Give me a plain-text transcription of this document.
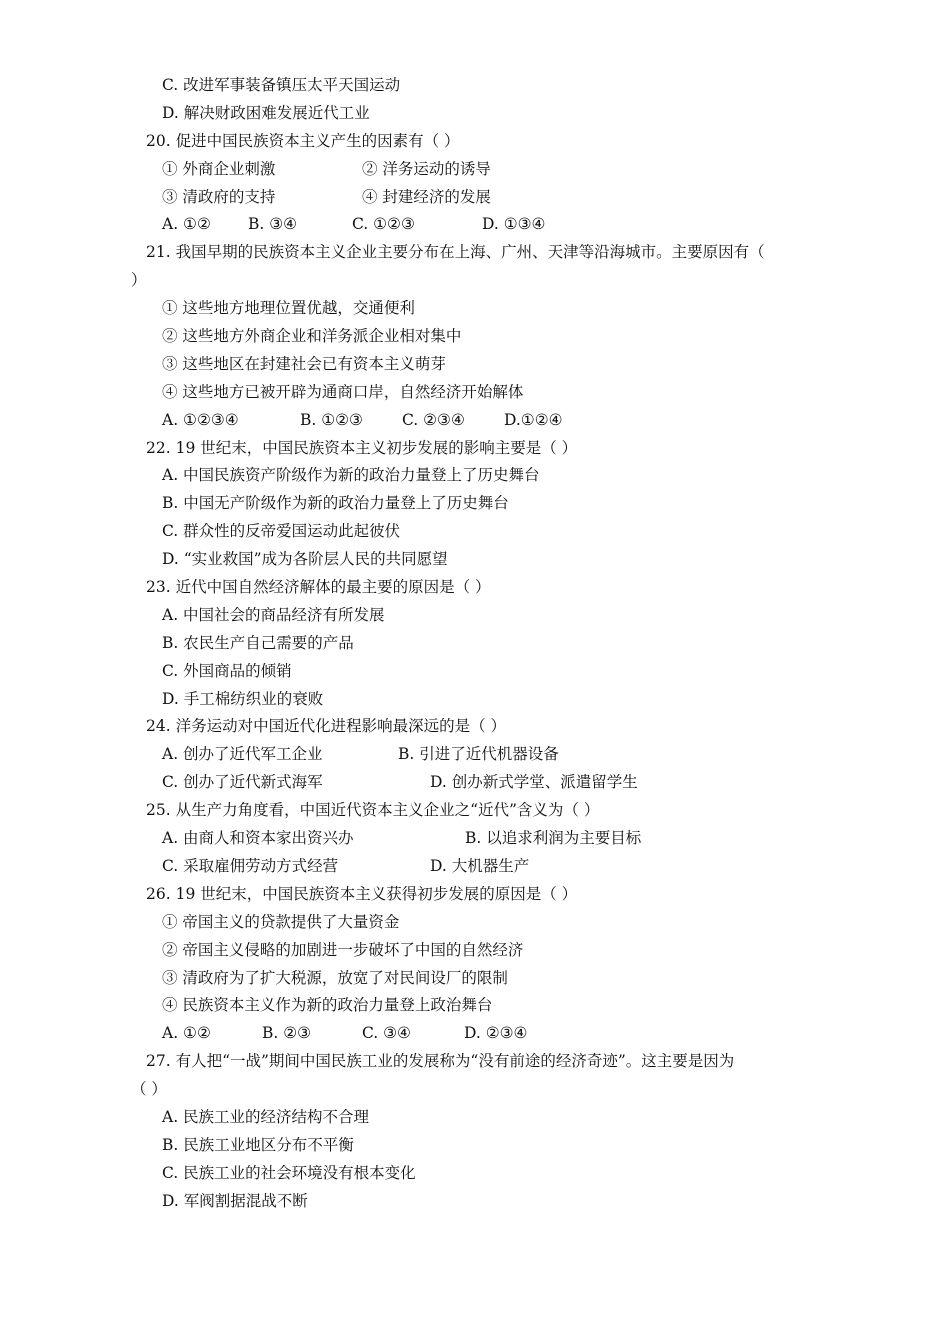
C. 改进军事装备镇压太平天国运动
D. 解决财政困难发展近代工业
20. 促进中国民族资本主义产生的因素有（ ）
① 外商企业刺激	② 洋务运动的诱导
③ 清政府的支持	④ 封建经济的发展
A. ①② B. ③④	C. ①②③	D. ①③④
21. 我国早期的民族资本主义企业主要分布在上海、广州、天津等沿海城市。主要原因有（
）
① 这些地方地理位置优越，交通便利
② 这些地方外商企业和洋务派企业相对集中
③ 这些地区在封建社会已有资本主义萌芽
④ 这些地方已被开辟为通商口岸，自然经济开始解体
A. ①②③④	B. ①②③	C. ②③④	D.①②④
22. 19 世纪末，中国民族资本主义初步发展的影响主要是（ ）
A. 中国民族资产阶级作为新的政治力量登上了历史舞台
B. 中国无产阶级作为新的政治力量登上了历史舞台
C. 群众性的反帝爱国运动此起彼伏
D. “实业救国”成为各阶层人民的共同愿望
23. 近代中国自然经济解体的最主要的原因是（ ）
A. 中国社会的商品经济有所发展
B. 农民生产自己需要的产品
C. 外国商品的倾销
D. 手工棉纺织业的衰败
24. 洋务运动对中国近代化进程影响最深远的是（ ）
A. 创办了近代军工企业	B. 引进了近代机器设备
C. 创办了近代新式海军	D. 创办新式学堂、派遣留学生
25. 从生产力角度看，中国近代资本主义企业之“近代”含义为（ ）
A. 由商人和资本家出资兴办	B. 以追求利润为主要目标
C. 采取雇佣劳动方式经营	D. 大机器生产
26. 19 世纪末，中国民族资本主义获得初步发展的原因是（ ）
① 帝国主义的贷款提供了大量资金
② 帝国主义侵略的加剧进一步破坏了中国的自然经济
③ 清政府为了扩大税源，放宽了对民间设厂的限制
④ 民族资本主义作为新的政治力量登上政治舞台
A. ①②	B. ②③	C. ③④	D. ②③④
27. 有人把“一战”期间中国民族工业的发展称为“没有前途的经济奇迹”。这主要是因为
（ ）
A. 民族工业的经济结构不合理
B. 民族工业地区分布不平衡
C. 民族工业的社会环境没有根本变化
D. 军阀割据混战不断
